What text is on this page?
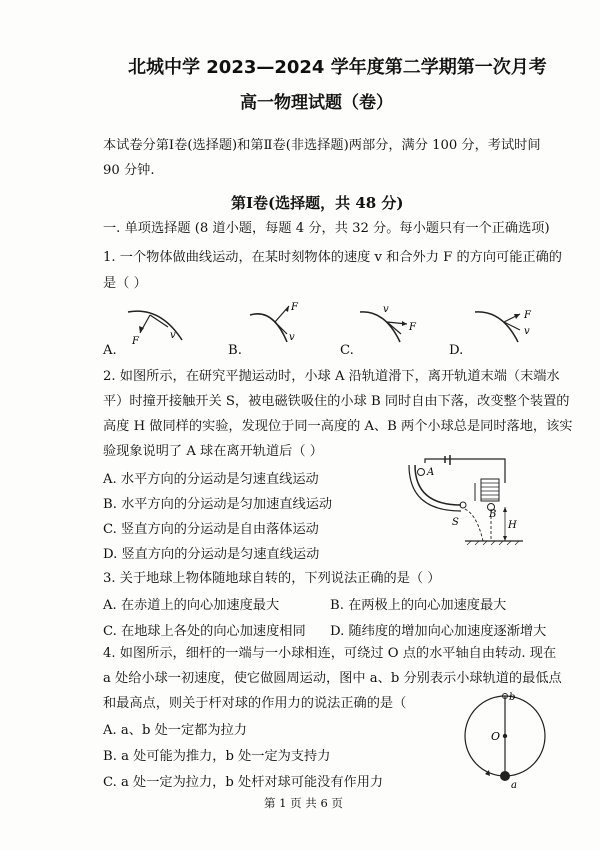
北城中学 2023—2024 学年度第二学期第一次月考
高一物理试题（卷）
本试卷分第Ⅰ卷(选择题)和第Ⅱ卷(非选择题)两部分，满分 100 分，考试时间
90 分钟.
第Ⅰ卷(选择题，共 48 分)
一. 单项选择题 (8 道小题，每题 4 分，共 32 分。每小题只有一个正确选项)
1. 一个物体做曲线运动，在某时刻物体的速度 v 和合外力 F 的方向可能正确的
是（ ）
F
v
F
v
F
v
F
v
A.	B.	C.	D.
2. 如图所示，在研究平抛运动时，小球 A 沿轨道滑下，离开轨道末端（末端水
平）时撞开接触开关 S，被电磁铁吸住的小球 B 同时自由下落，改变整个装置的
高度 H 做同样的实验，发现位于同一高度的 A、B 两个小球总是同时落地，该实
验现象说明了 A 球在离开轨道后（ ）
A. 水平方向的分运动是匀速直线运动
B. 水平方向的分运动是匀加速直线运动
C. 竖直方向的分运动是自由落体运动
D. 竖直方向的分运动是匀速直线运动
A
B
S	H
3. 关于地球上物体随地球自转的，下列说法正确的是（ ）
A. 在赤道上的向心加速度最大	B. 在两极上的向心加速度最大
C. 在地球上各处的向心加速度相同 D. 随纬度的增加向心加速度逐渐增大
4. 如图所示，细杆的一端与一小球相连，可绕过 O 点的水平轴自由转动. 现在
a 处给小球一初速度，使它做圆周运动，图中 a、b 分别表示小球轨道的最低点
和最高点，则关于杆对球的作用力的说法正确的是（
A. a、b 处一定都为拉力
B. a 处可能为推力，b 处一定为支持力
C. a 处一定为拉力，b 处杆对球可能没有作用力
b
O
a
第 1 页 共 6 页
